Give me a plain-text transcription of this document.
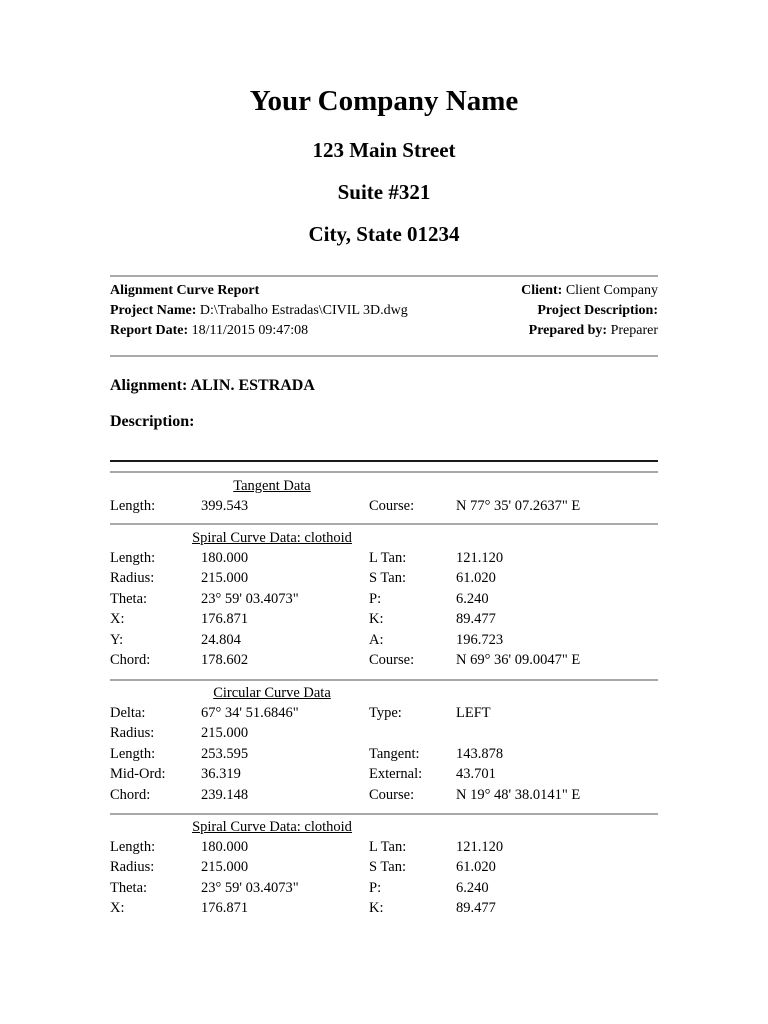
Your Company Name
123 Main Street
Suite #321
City, State 01234
Alignment Curve Report
Project Name: D:\Trabalho Estradas\CIVIL 3D.dwg
Report Date: 18/11/2015 09:47:08
Client: Client Company
Project Description:
Prepared by: Preparer
Alignment: ALIN. ESTRADA
Description:
Tangent Data
Length:	399.543	Course:	N 77° 35' 07.2637" E
Spiral Curve Data: clothoid
Length:	180.000	L Tan:	121.120
Radius:	215.000	S Tan:	61.020
Theta:	23° 59' 03.4073"	P:	6.240
X:	176.871	K:	89.477
Y:	24.804	A:	196.723
Chord:	178.602	Course:	N 69° 36' 09.0047" E
Circular Curve Data
Delta:	67° 34' 51.6846"	Type:	LEFT
Radius:	215.000
Length:	253.595	Tangent:	143.878
Mid-Ord: 36.319	External: 43.701
Chord:	239.148	Course:	N 19° 48' 38.0141" E
Spiral Curve Data: clothoid
Length:	180.000	L Tan:	121.120
Radius:	215.000	S Tan:	61.020
Theta:	23° 59' 03.4073"	P:	6.240
X:	176.871	K:	89.477
